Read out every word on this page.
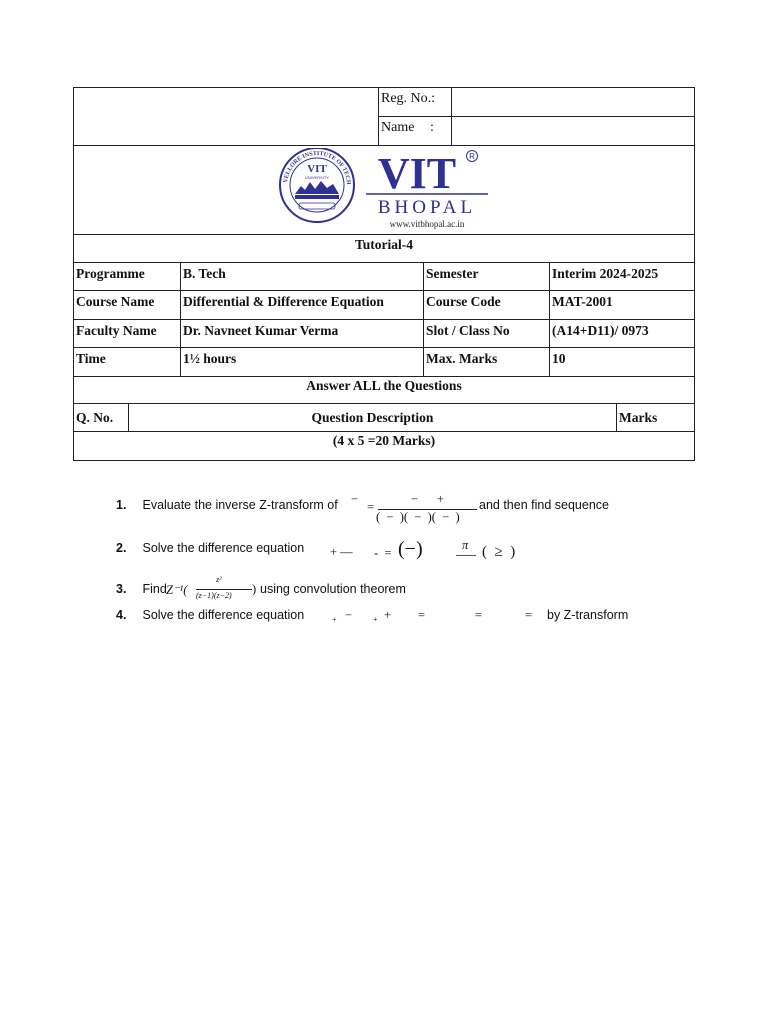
Reg. No.:
Name :
VELLORE INSTITUTE OF TECH
VIT
UNIVERSITY VIT R
BHOPAL
www.vitbhopal.ac.in
Tutorial-4
Programme	B. Tech	Semester	Interim 2024-2025
Course Name	Differential & Difference Equation	Course Code	MAT-2001
Faculty Name	Dr. Navneet Kumar Verma	Slot / Class No	(A14+D11)/ 0973
Time	1½ hours	Max. Marks	10
Answer ALL the Questions
Q. No.	Question Description	Marks
(4 x 5 =20 Marks)
1. Evaluate the inverse Z-transform of −
=
−      +
(  −  )(  −  )(  −  )
and then find sequence
2. Solve the difference equation + — -  = (−)	π (  ≥  )
3. Find Z⁻¹(
z²
(z−1)(z−2) ) using convolution theorem
4. Solve the difference equation	+ −	+ + =	=	= by Z-transform
